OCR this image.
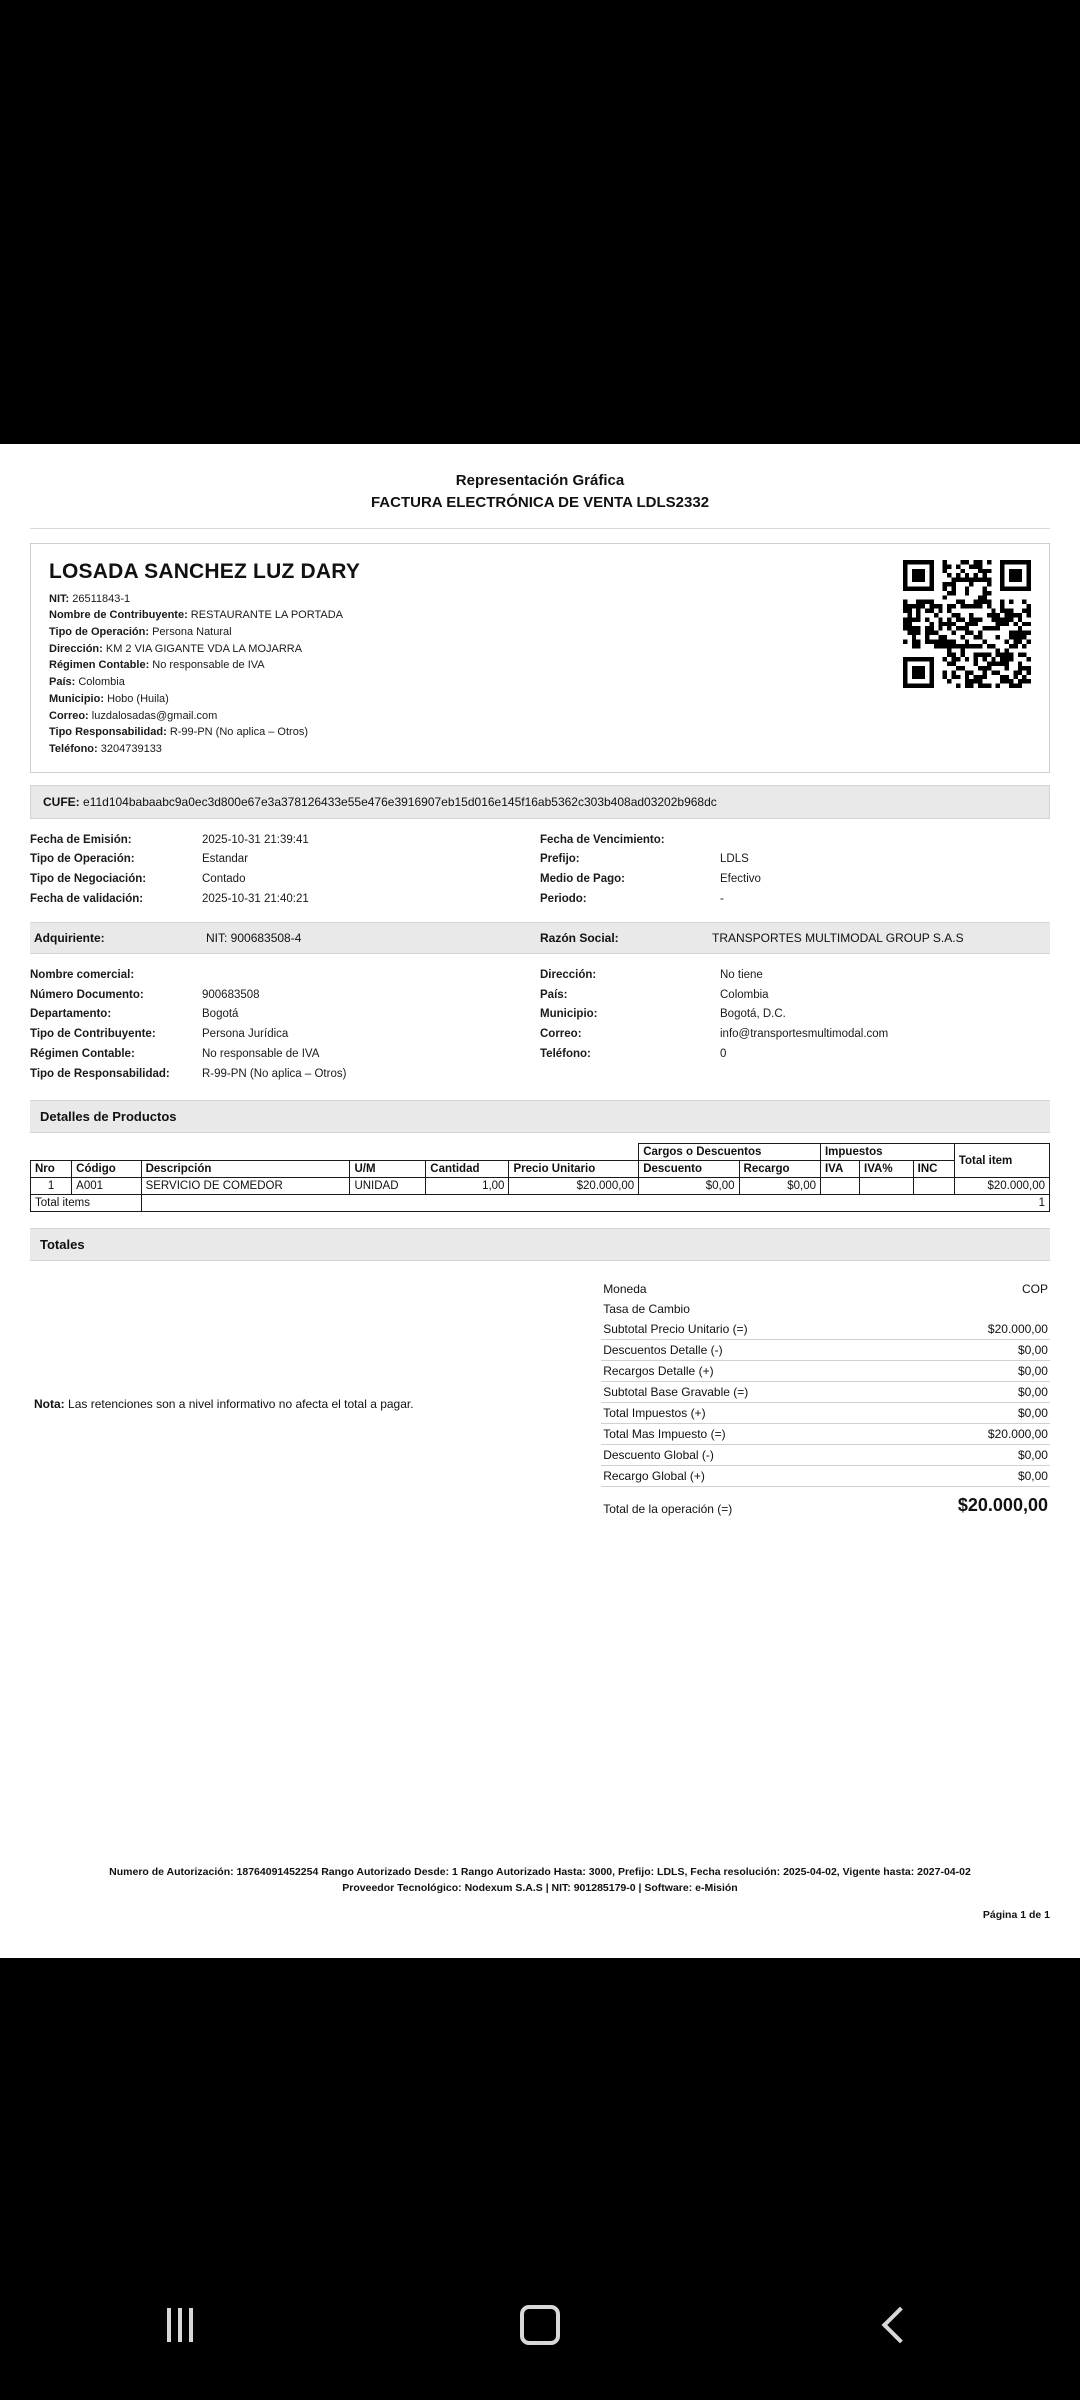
Representación Gráfica
FACTURA ELECTRÓNICA DE VENTA LDLS2332
LOSADA SANCHEZ LUZ DARY
NIT: 26511843-1
Nombre de Contribuyente: RESTAURANTE LA PORTADA
Tipo de Operación: Persona Natural
Dirección: KM 2 VIA GIGANTE VDA LA MOJARRA
Régimen Contable: No responsable de IVA
País: Colombia
Municipio: Hobo (Huila)
Correo: luzdalosadas@gmail.com
Tipo Responsabilidad: R-99-PN (No aplica – Otros)
Teléfono: 3204739133
CUFE: e11d104babaabc9a0ec3d800e67e3a378126433e55e476e3916907eb15d016e145f16ab5362c303b408ad03202b968dc
Fecha de Emisión:	2025-10-31 21:39:41
Tipo de Operación:	Estandar
Tipo de Negociación:	Contado
Fecha de validación:	2025-10-31 21:40:21
Fecha de Vencimiento:
Prefijo:	LDLS
Medio de Pago:	Efectivo
Periodo:	-
Adquiriente:	NIT: 900683508-4	Razón Social:	TRANSPORTES MULTIMODAL GROUP S.A.S
Nombre comercial:
Número Documento:	900683508
Departamento:	Bogotá
Tipo de Contribuyente:	Persona Jurídica
Régimen Contable:	No responsable de IVA
Tipo de Responsabilidad:	R-99-PN (No aplica – Otros)
Dirección:	No tiene
País:	Colombia
Municipio:	Bogotá, D.C.
Correo:	info@transportesmultimodal.com
Teléfono:	0
Detalles de Productos
						Cargos o Descuentos		Impuestos			Total item
Nro	Código	Descripción	U/M	Cantidad	Precio Unitario	Descuento	Recargo	IVA	IVA%	INC	
1	A001	SERVICIO DE COMEDOR	UNIDAD	1,00	$20.000,00	$0,00	$0,00				$20.000,00
Total items		1									
Totales
Nota: Las retenciones son a nivel informativo no afecta el total a pagar.
Moneda	COP
Tasa de Cambio
Subtotal Precio Unitario (=)	$20.000,00
Descuentos Detalle (-)	$0,00
Recargos Detalle (+)	$0,00
Subtotal Base Gravable (=)	$0,00
Total Impuestos (+)	$0,00
Total Mas Impuesto (=)	$20.000,00
Descuento Global (-)	$0,00
Recargo Global (+)	$0,00
Total de la operación (=)	$20.000,00
Numero de Autorización: 18764091452254 Rango Autorizado Desde: 1 Rango Autorizado Hasta: 3000, Prefijo: LDLS, Fecha resolución: 2025-04-02, Vigente hasta: 2027-04-02
Proveedor Tecnológico: Nodexum S.A.S | NIT: 901285179-0 | Software: e-Misión
Página 1 de 1
